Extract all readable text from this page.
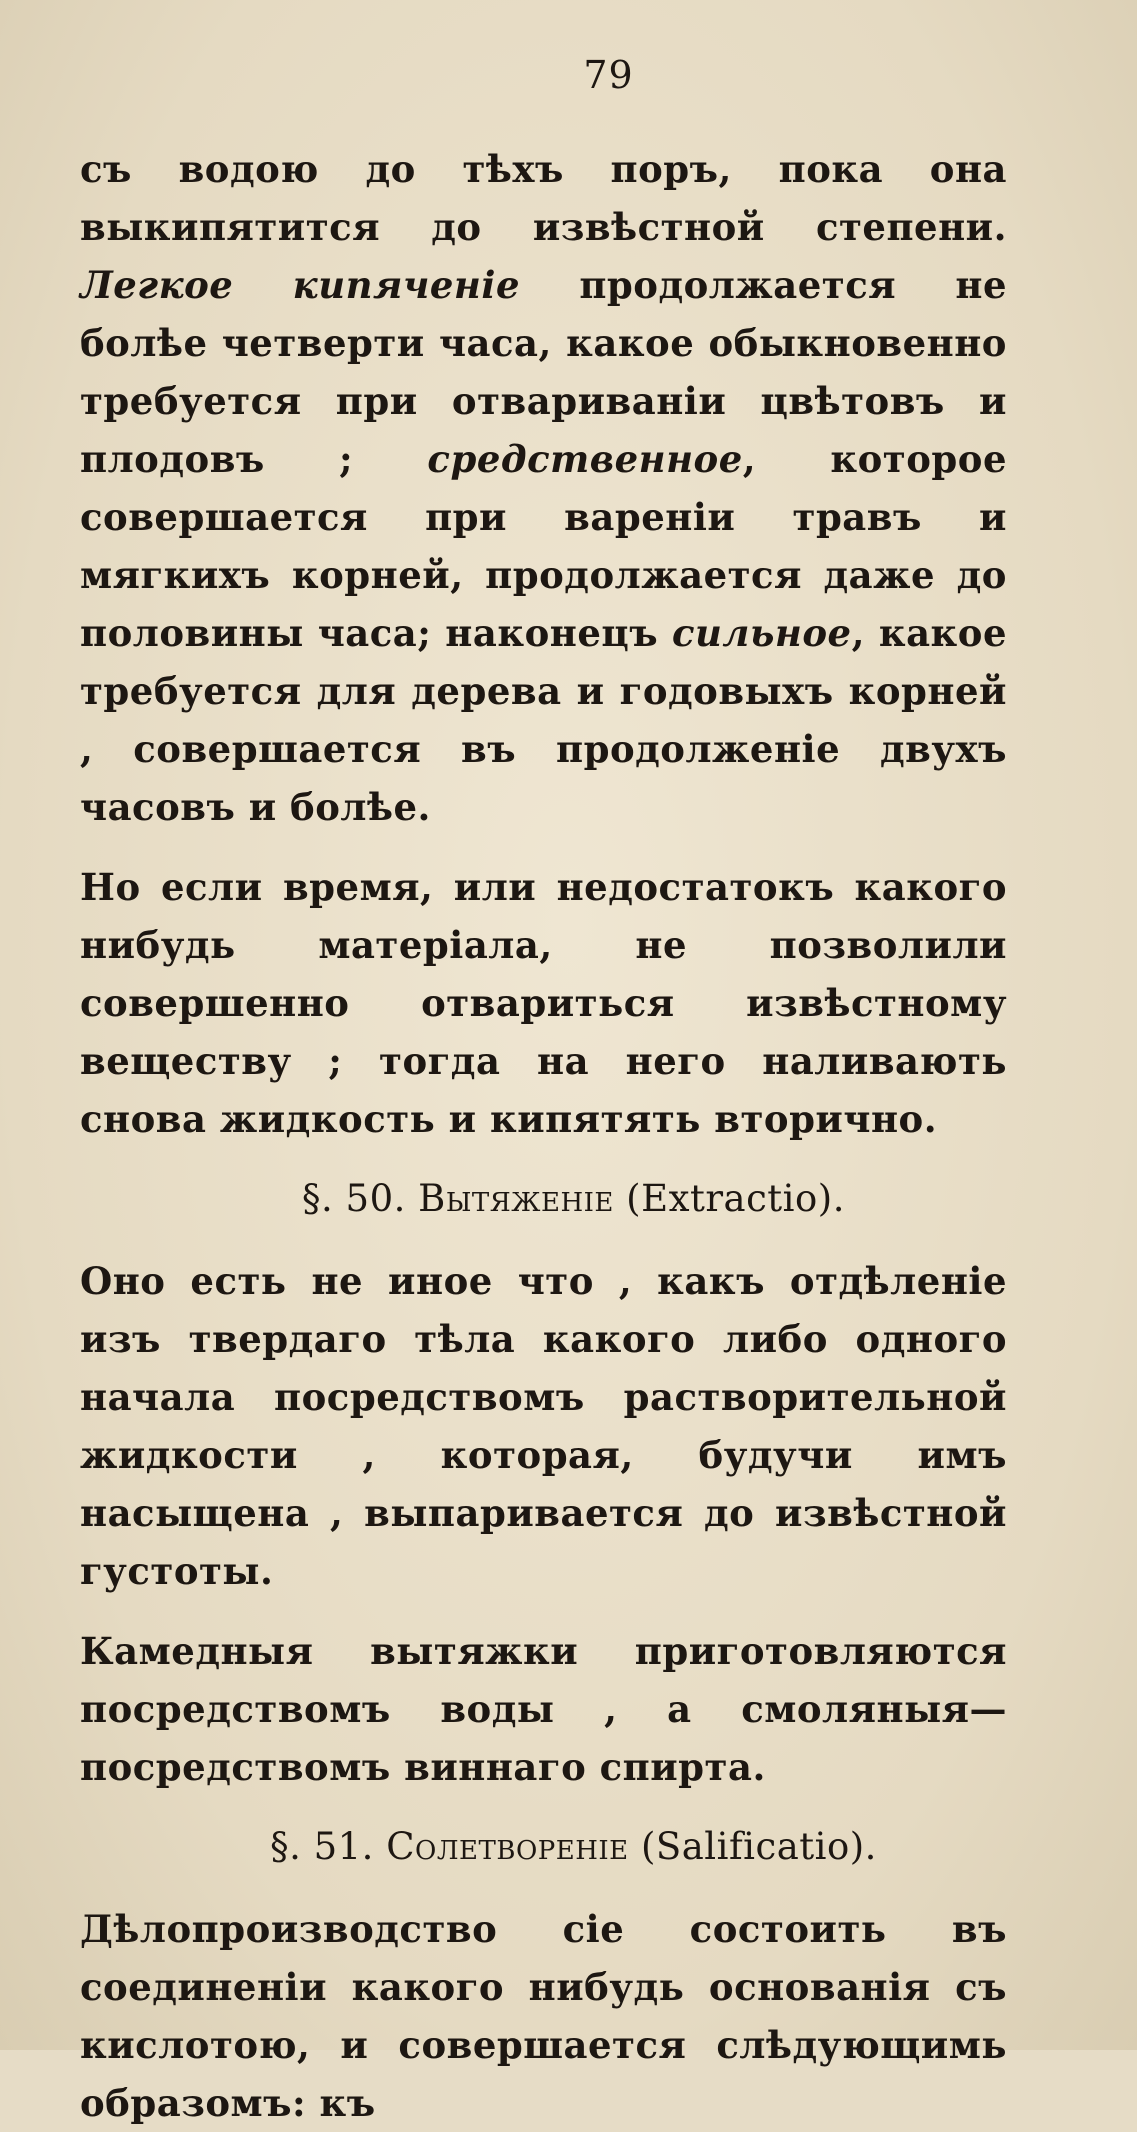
79

съ водою до тѣхъ поръ, пока она выкипятится до извѣстной степени. Легкое кипяченіе продолжается не болѣе четверти часа, какое обыкновенно требуется при отвариваніи цвѣтовъ и плодовъ ; средственное, которое совершается при вареніи травъ и мягкихъ корней, продолжается даже до половины часа; наконецъ сильное, какое требуется для дерева и годовыхъ корней , совершается въ продолженіе двухъ часовъ и болѣе.

Но если время, или недостатокъ какого нибудь матеріала, не позволили совершенно отвариться извѣстному веществу ; тогда на него наливають снова жидкость и кипятять вторично.

§. 50. Вытяженіе (Extractio).

Оно есть не иное что , какъ отдѣленіе изъ твердаго тѣла какого либо одного начала посредствомъ растворительной жидкости , которая, будучи имъ насыщена , выпаривается до извѣстной густоты.

Камедныя вытяжки приготовляются посредствомъ воды , а смоляныя—посредствомъ виннаго спирта.

§. 51. Солетвореніе (Salificatio).

Дѣлопроизводство сіе состоить въ соединеніи какого нибудь основанія съ кислотою, и совершается слѣдующимь образомъ: къ
